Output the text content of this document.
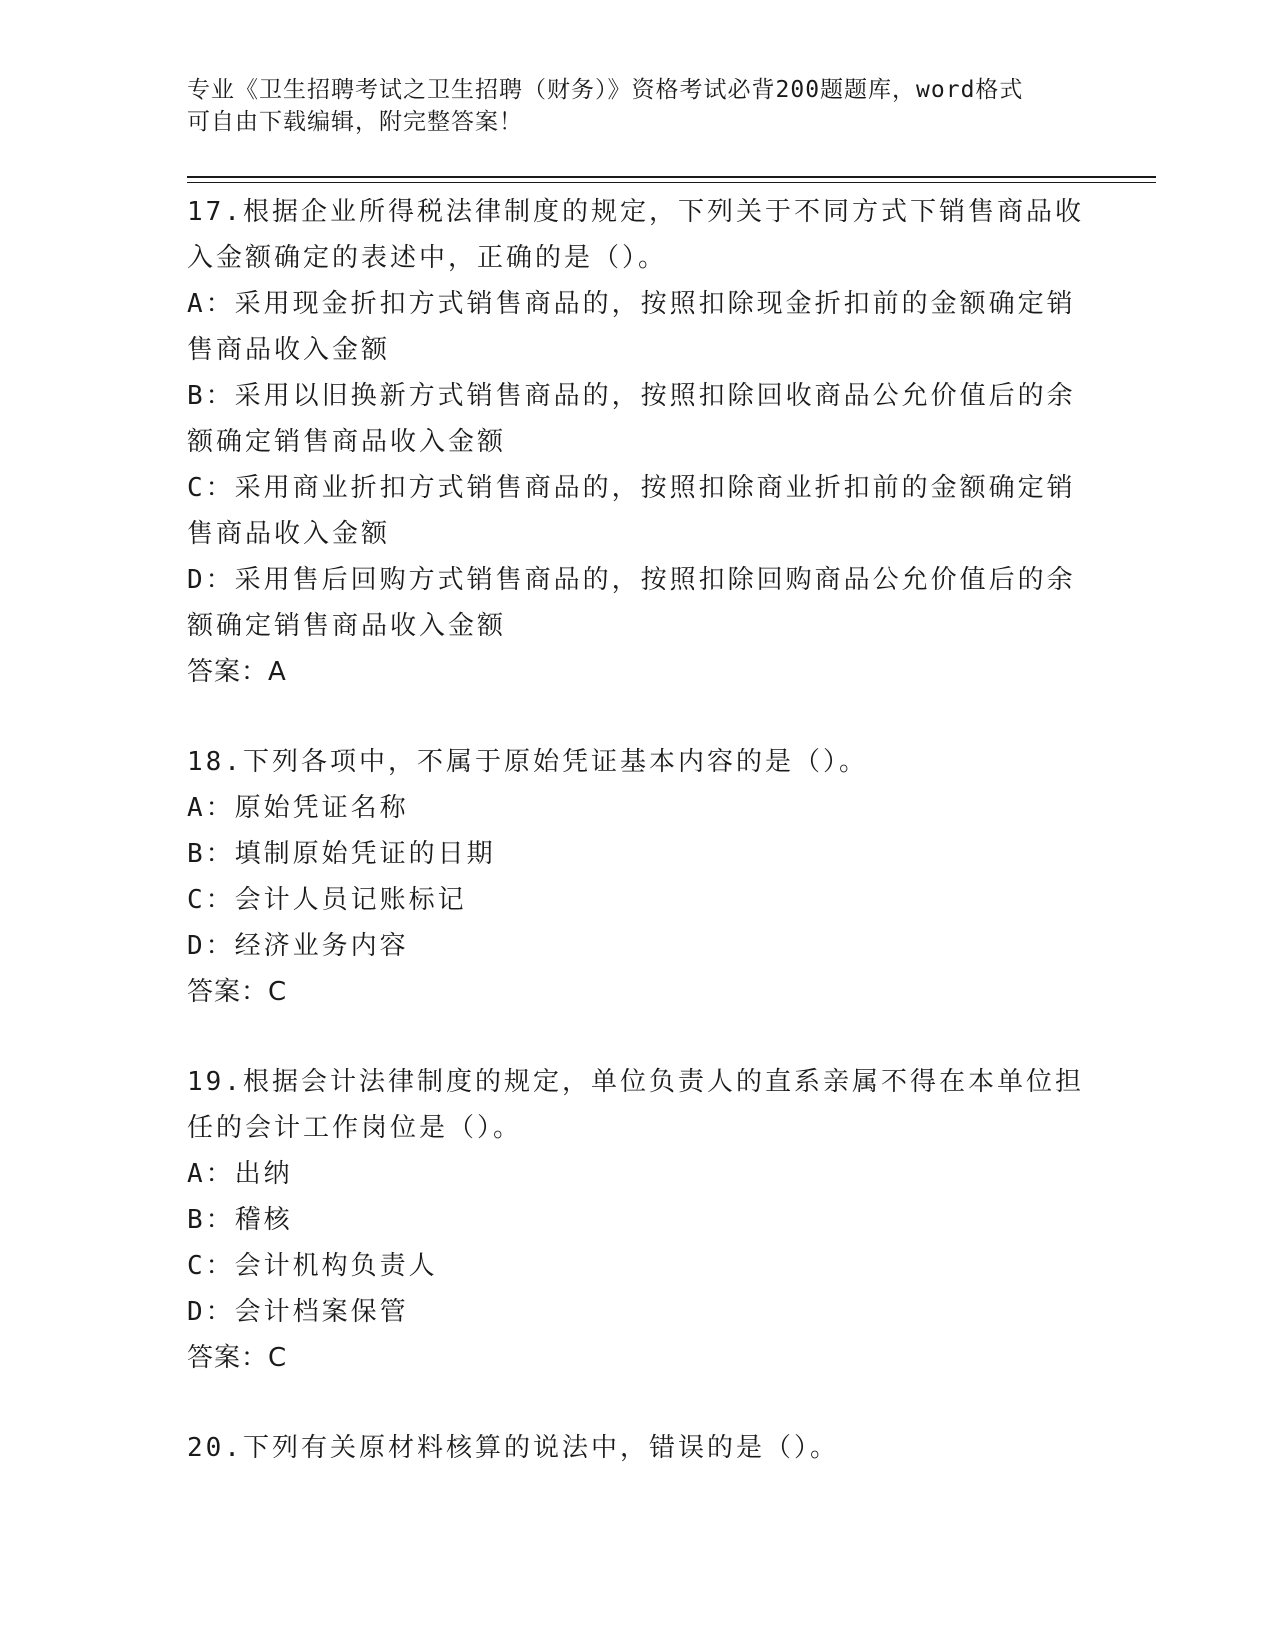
专业《卫生招聘考试之卫生招聘（财务）》资格考试必背200题题库，word格式
可自由下载编辑，附完整答案！
17.根据企业所得税法律制度的规定，下列关于不同方式下销售商品收
入金额确定的表述中，正确的是（）。
A：采用现金折扣方式销售商品的，按照扣除现金折扣前的金额确定销
售商品收入金额
B：采用以旧换新方式销售商品的，按照扣除回收商品公允价值后的余
额确定销售商品收入金额
C：采用商业折扣方式销售商品的，按照扣除商业折扣前的金额确定销
售商品收入金额
D：采用售后回购方式销售商品的，按照扣除回购商品公允价值后的余
额确定销售商品收入金额
答案：A
18.下列各项中，不属于原始凭证基本内容的是（）。
A：原始凭证名称
B：填制原始凭证的日期
C：会计人员记账标记
D：经济业务内容
答案：C
19.根据会计法律制度的规定，单位负责人的直系亲属不得在本单位担
任的会计工作岗位是（）。
A：出纳
B：稽核
C：会计机构负责人
D：会计档案保管
答案：C
20.下列有关原材料核算的说法中，错误的是（）。
